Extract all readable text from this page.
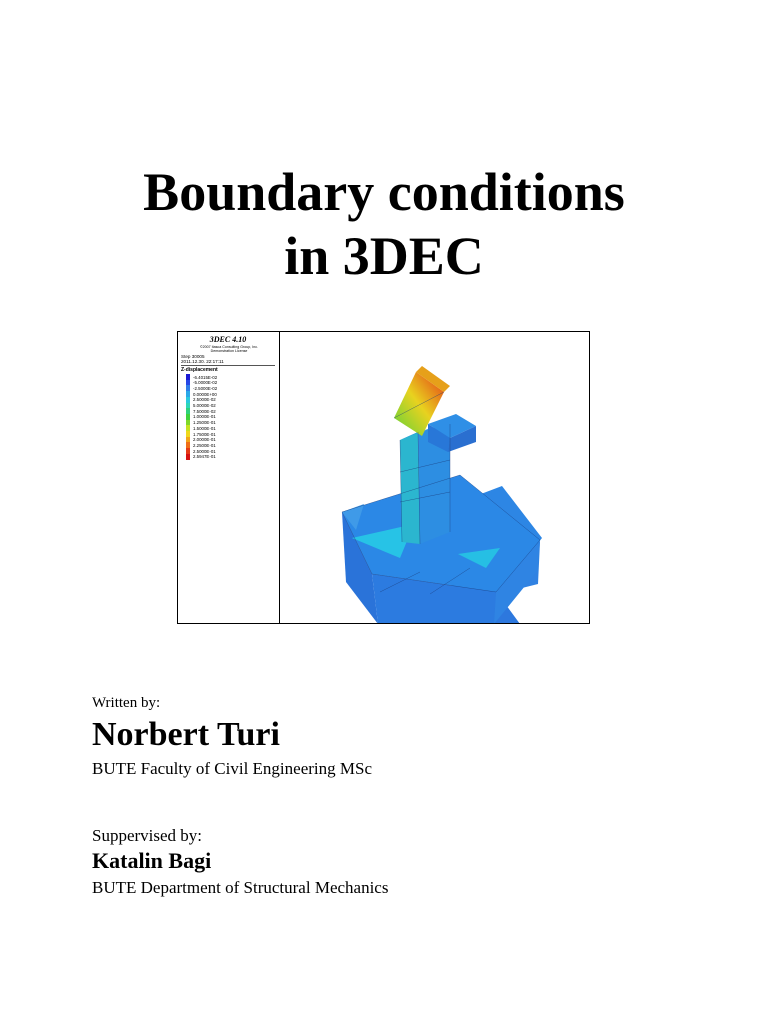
Boundary conditions
in 3DEC
3DEC 4.10
©2007 Itasca Consulting Group, Inc.
Demonstration License
Step 30005
2011.12.30. 22:17:11
Z-displacement
-6.4015E-02
-5.0000E-02
-2.5000E-02
0.0000E+00
2.5000E-02
5.0000E-02
7.5000E-02
1.0000E-01
1.2500E-01
1.5000E-01
1.7500E-01
2.0000E-01
2.2500E-01
2.5000E-01
2.5947E-01
Written by:
Norbert Turi
BUTE Faculty of Civil Engineering MSc
Suppervised by:
Katalin Bagi
BUTE Department of Structural Mechanics
